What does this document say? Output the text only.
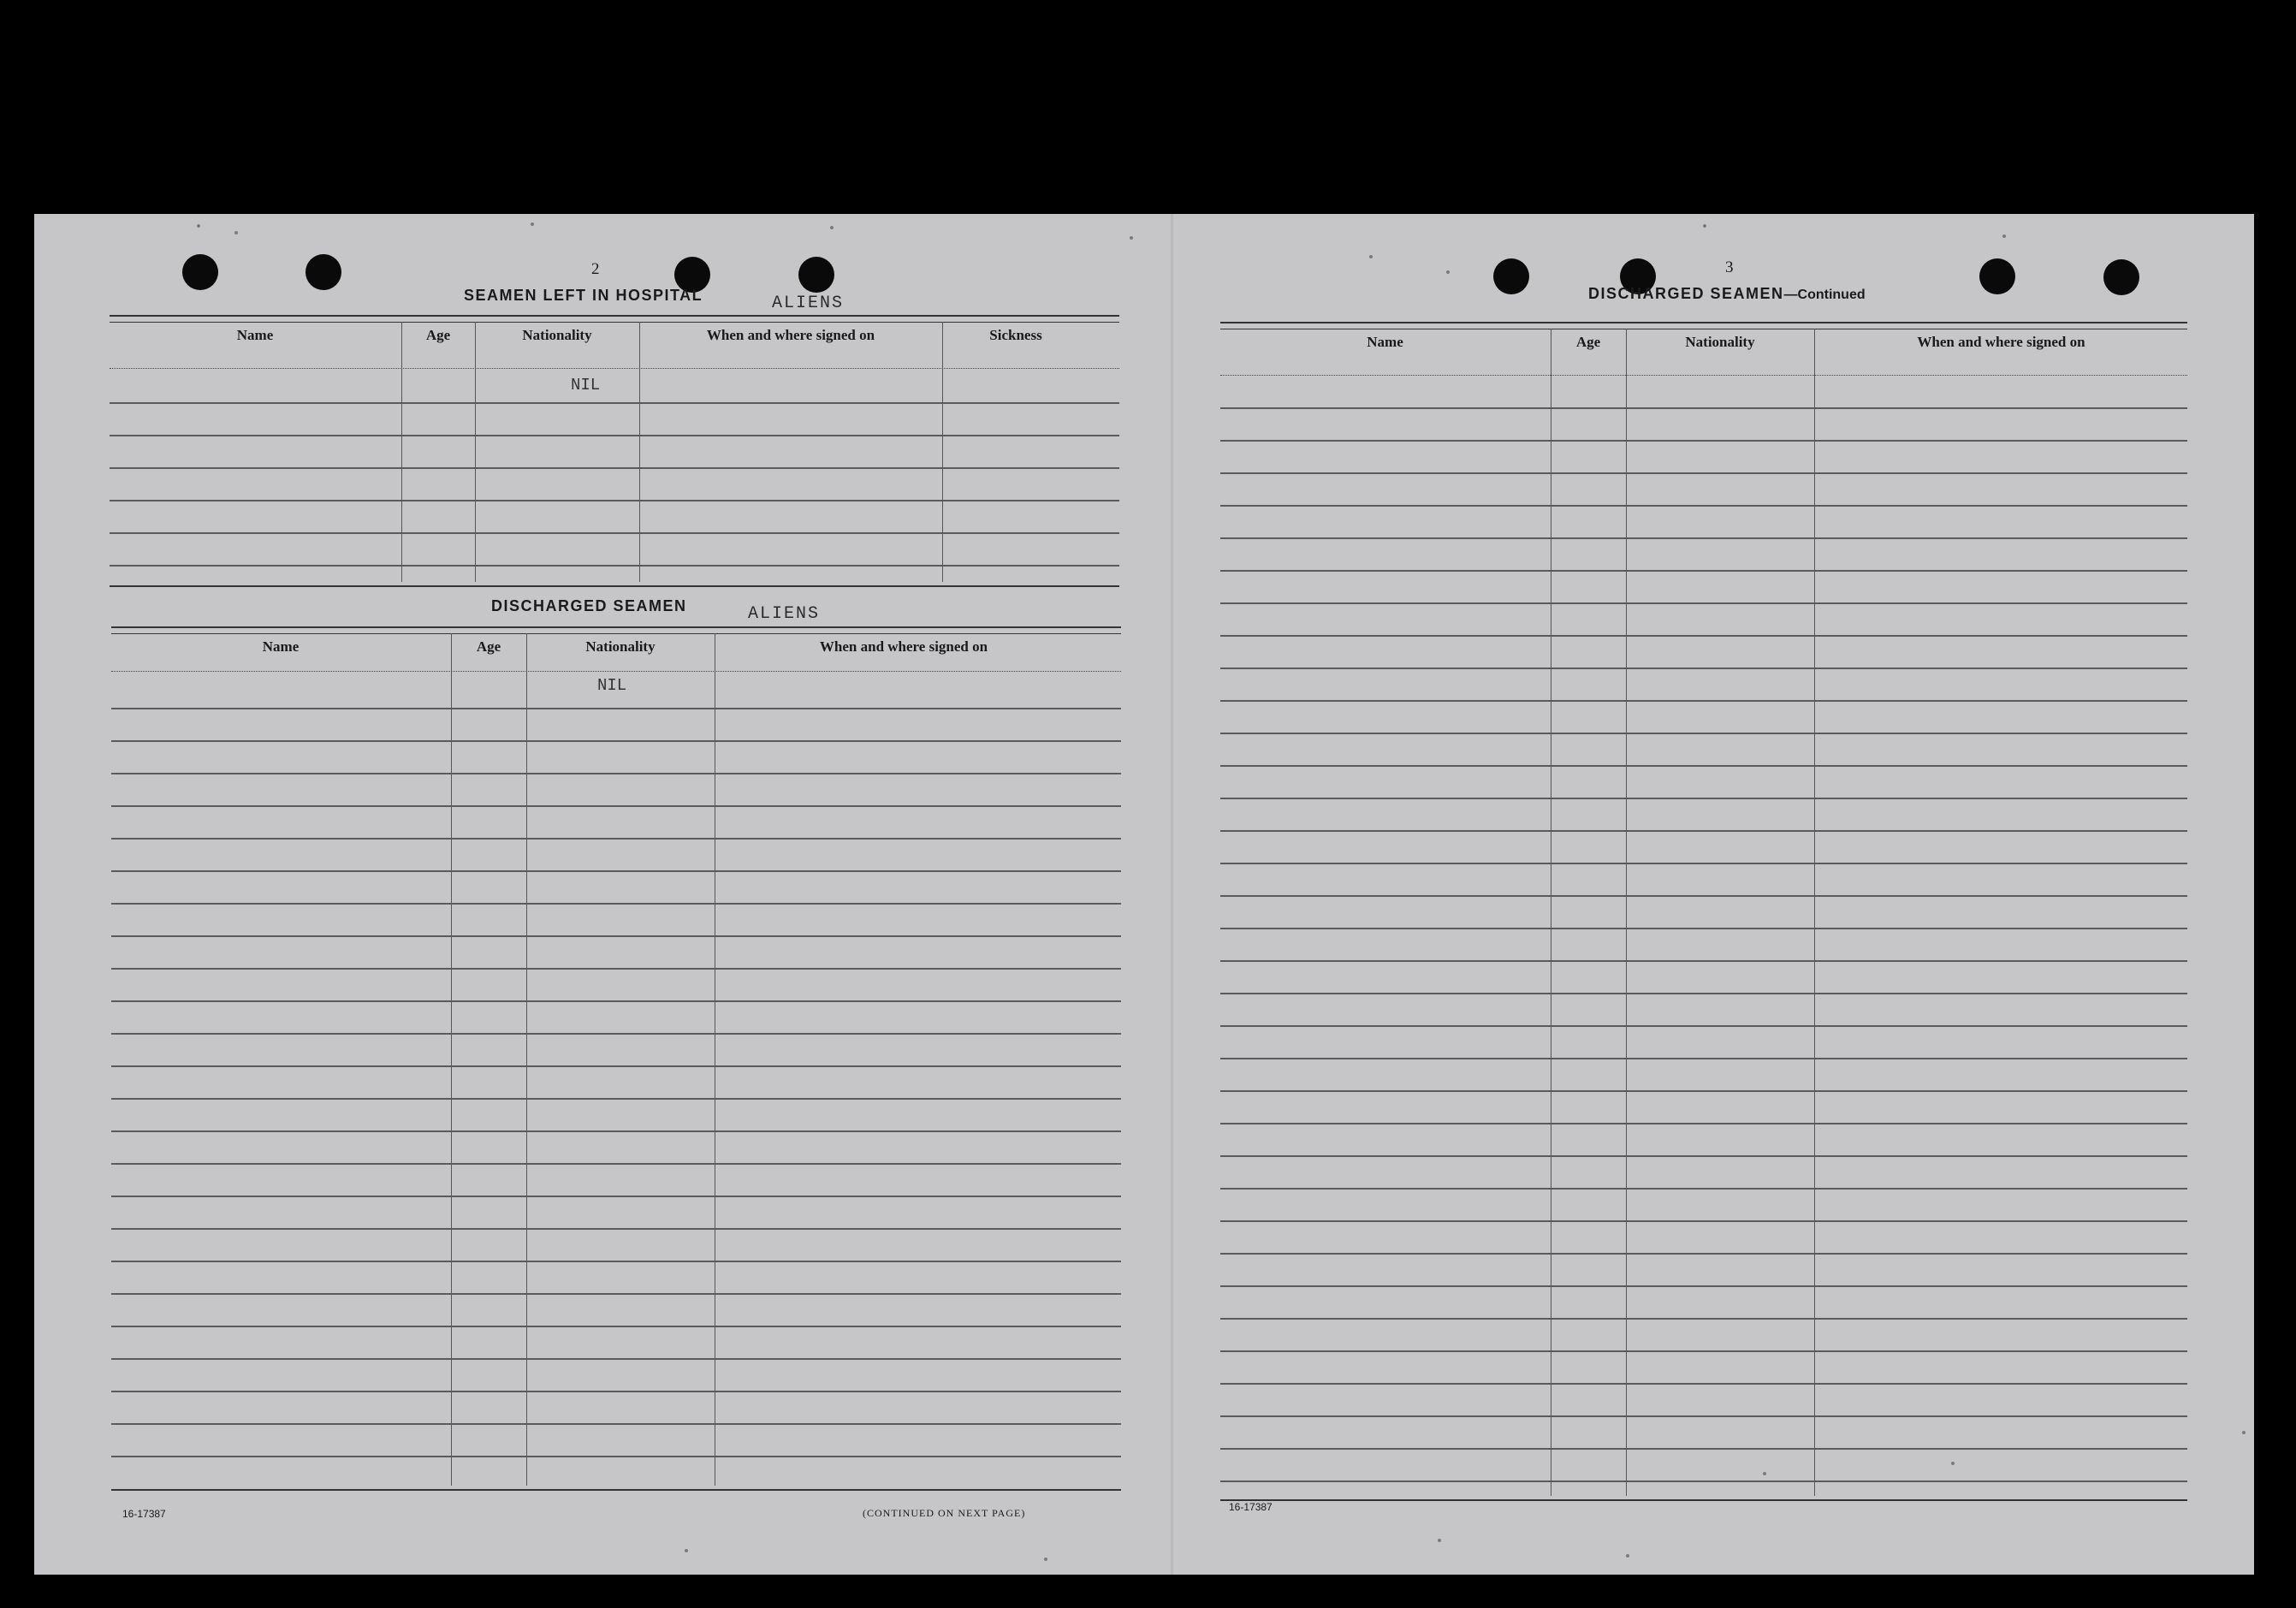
2
SEAMEN LEFT IN HOSPITAL	ALIENS
Name	Age	Nationality	When and where signed on	Sickness
NIL
DISCHARGED SEAMEN	ALIENS
Name	Age	Nationality	When and where signed on
NIL
16-17387	(CONTINUED ON NEXT PAGE)
3
DISCHARGED SEAMEN—Continued
Name	Age	Nationality	When and where signed on
16-17387
